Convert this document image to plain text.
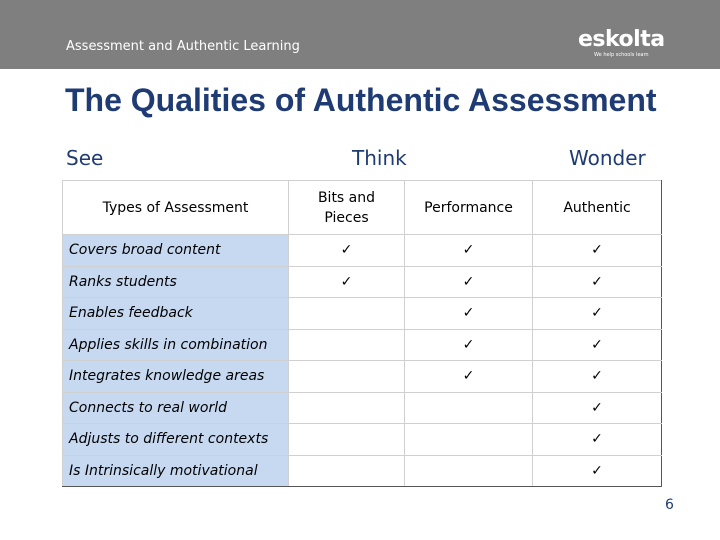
Assessment and Authentic Learning	eskolta
We help schools learn
The Qualities of Authentic Assessment
See	Think	Wonder
Types of Assessment	Bits and Pieces	Performance	Authentic
Covers broad content	✓	✓	✓
Ranks students	✓	✓	✓
Enables feedback		✓	✓
Applies skills in combination		✓	✓
Integrates knowledge areas		✓	✓
Connects to real world			✓
Adjusts to different contexts			✓
Is Intrinsically motivational			✓
6
